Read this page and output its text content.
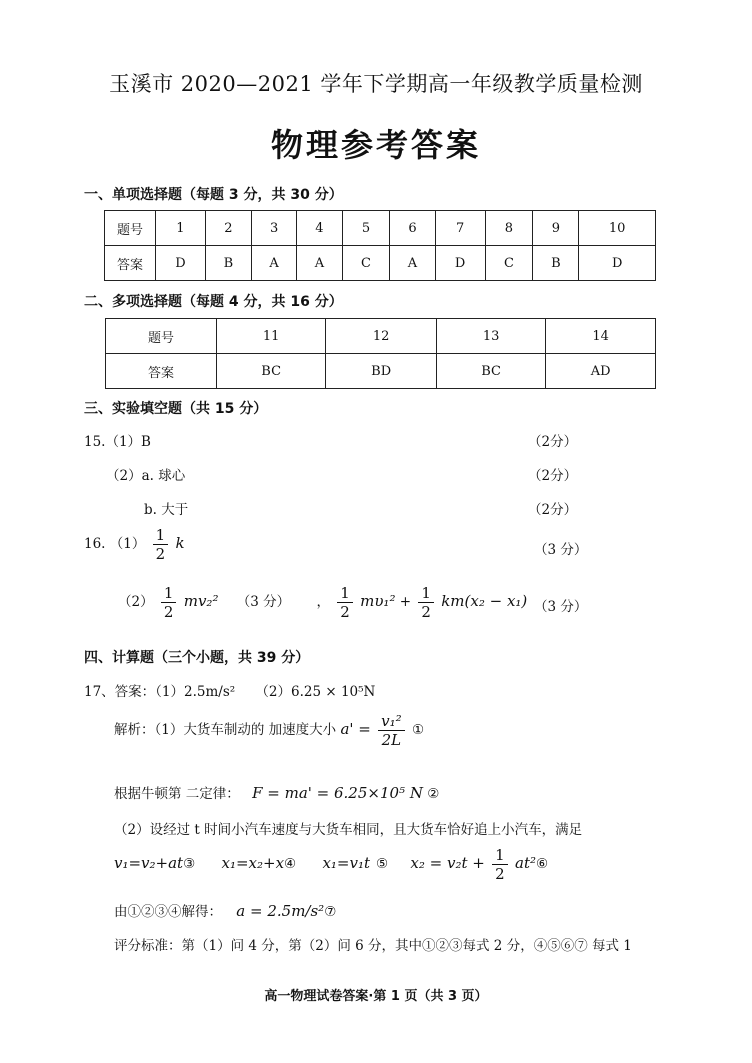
玉溪市 2020—2021 学年下学期高一年级教学质量检测
物理参考答案
一、单项选择题（每题 3 分，共 30 分）
题号	1	2	3	4	5	6	7	8	9	10
答案	D	B	A	A	C	A	D	C	B	D
二、多项选择题（每题 4 分，共 16 分）
题号	11	12	13	14
答案	BC	BD	BC	AD
三、实验填空题（共 15 分）
15.（1）B	（2分）
（2）a. 球心	（2分）
b. 大于	（2分）
16. $(1) \frac{1}{2}$ k	（3 分）
$(2) \frac{1}{2} mv_2^2$ （3 分） ， $\frac{1}{2} m\upsilon_1^2 + \frac{1}{2} km(x_2 - x_1)$ （3 分）
四、计算题（三个小题，共 39 分）
17、答案：（1）2.5m/s²　　（2）6.25 × 10⁵N
解析：（1）大货车制动的 加速度大小 $a' = \frac{\text{v₁²}}{2L}$ ①
根据牛顿第 二定律： F = ma' = 6.25×10⁵ N ②
（2）设经过 t 时间小汽车速度与大货车相同，且大货车恰好追上小汽车，满足
v₁=v₂+at③ x₁=x₂+x④ x₁=v₁t ⑤ $x_2 = v_2t + \frac{1}{2}$ at²⑥
由①②③④解得： a = 2.5m/s²⑦
评分标准：第（1）问 4 分，第（2）问 6 分，其中①②③每式 2 分，④⑤⑥⑦ 每式 1
高一物理试卷答案·第 1 页（共 3 页）
